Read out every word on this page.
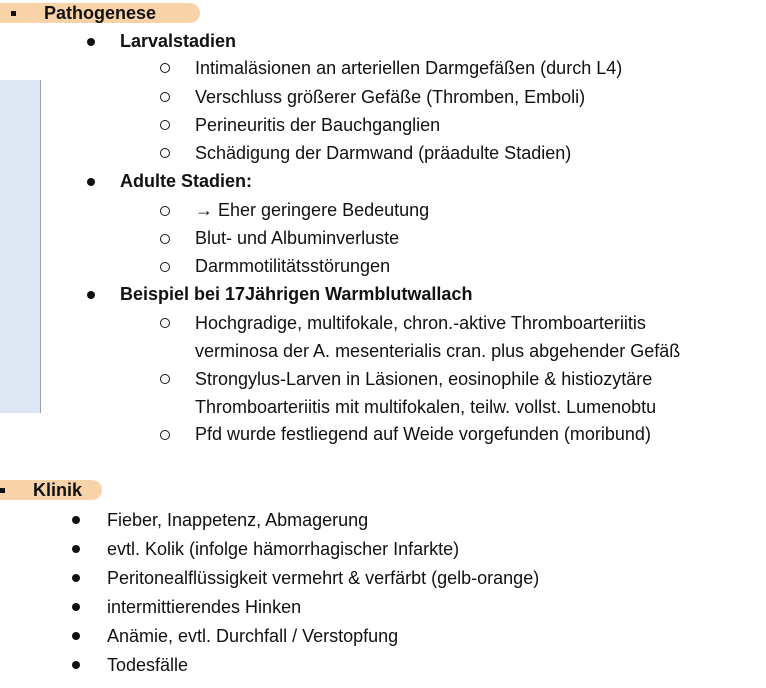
Pathogenese
Larvalstadien
Intimaläsionen an arteriellen Darmgefäßen (durch L4)
Verschluss größerer Gefäße (Thromben, Emboli)
Perineuritis der Bauchganglien
Schädigung der Darmwand (präadulte Stadien)
Adulte Stadien:
→ Eher geringere Bedeutung
Blut- und Albuminverluste
Darmmotilitätsstörungen
Beispiel bei 17Jährigen Warmblutwallach
Hochgradige, multifokale, chron.-aktive Thromboarteriitis
verminosa der A. mesenterialis cran. plus abgehender Gefäß
Strongylus-Larven in Läsionen, eosinophile & histiozytäre
Thromboarteriitis mit multifokalen, teilw. vollst. Lumenobtu
Pfd wurde festliegend auf Weide vorgefunden (moribund)
Klinik
Fieber, Inappetenz, Abmagerung
evtl. Kolik (infolge hämorrhagischer Infarkte)
Peritonealflüssigkeit vermehrt & verfärbt (gelb-orange)
intermittierendes Hinken
Anämie, evtl. Durchfall / Verstopfung
Todesfälle
